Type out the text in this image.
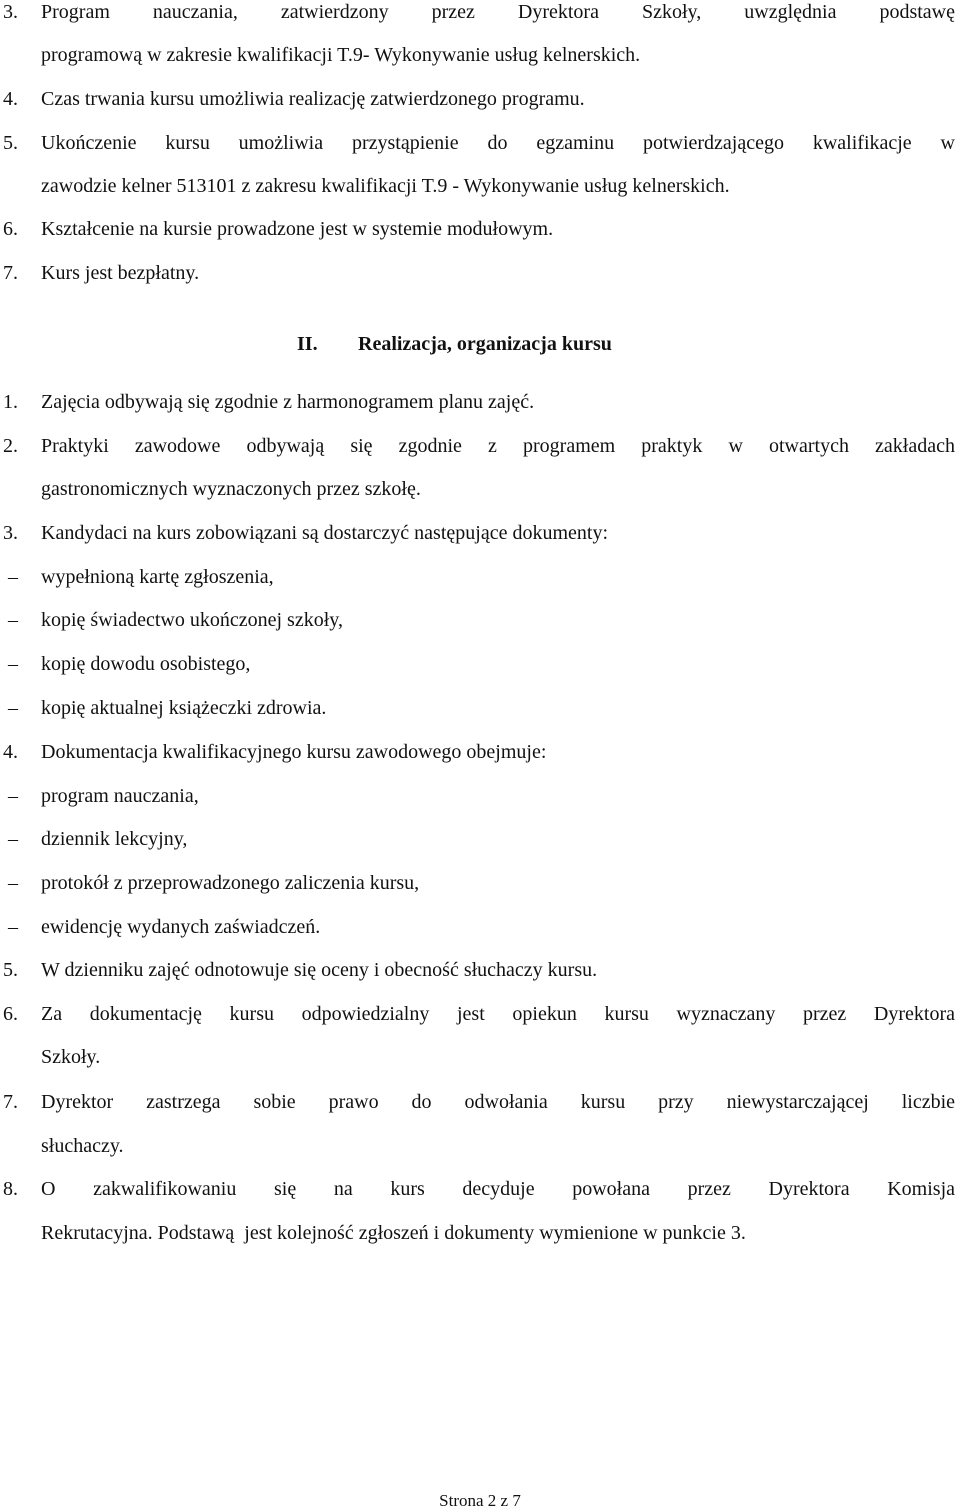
3. Program nauczania, zatwierdzony przez Dyrektora Szkoły, uwzględnia podstawę
programową w zakresie kwalifikacji T.9- Wykonywanie usług kelnerskich.
4. Czas trwania kursu umożliwia realizację zatwierdzonego programu.
5. Ukończenie kursu umożliwia przystąpienie do egzaminu potwierdzającego kwalifikacje w
zawodzie kelner 513101 z zakresu kwalifikacji T.9 - Wykonywanie usług kelnerskich.
6. Kształcenie na kursie prowadzone jest w systemie modułowym.
7. Kurs jest bezpłatny.
II. Realizacja, organizacja kursu
1. Zajęcia odbywają się zgodnie z harmonogramem planu zajęć.
2. Praktyki zawodowe odbywają się zgodnie z programem praktyk w otwartych zakładach
gastronomicznych wyznaczonych przez szkołę.
3. Kandydaci na kurs zobowiązani są dostarczyć następujące dokumenty:
– wypełnioną kartę zgłoszenia,
– kopię świadectwo ukończonej szkoły,
– kopię dowodu osobistego,
– kopię aktualnej książeczki zdrowia.
4. Dokumentacja kwalifikacyjnego kursu zawodowego obejmuje:
– program nauczania,
– dziennik lekcyjny,
– protokół z przeprowadzonego zaliczenia kursu,
– ewidencję wydanych zaświadczeń.
5. W dzienniku zajęć odnotowuje się oceny i obecność słuchaczy kursu.
6. Za dokumentację kursu odpowiedzialny jest opiekun kursu wyznaczany przez Dyrektora
Szkoły.
7. Dyrektor zastrzega sobie prawo do odwołania kursu przy niewystarczającej liczbie
słuchaczy.
8. O zakwalifikowaniu się na kurs decyduje powołana przez Dyrektora Komisja
Rekrutacyjna. Podstawą  jest kolejność zgłoszeń i dokumenty wymienione w punkcie 3.
Strona 2 z 7
